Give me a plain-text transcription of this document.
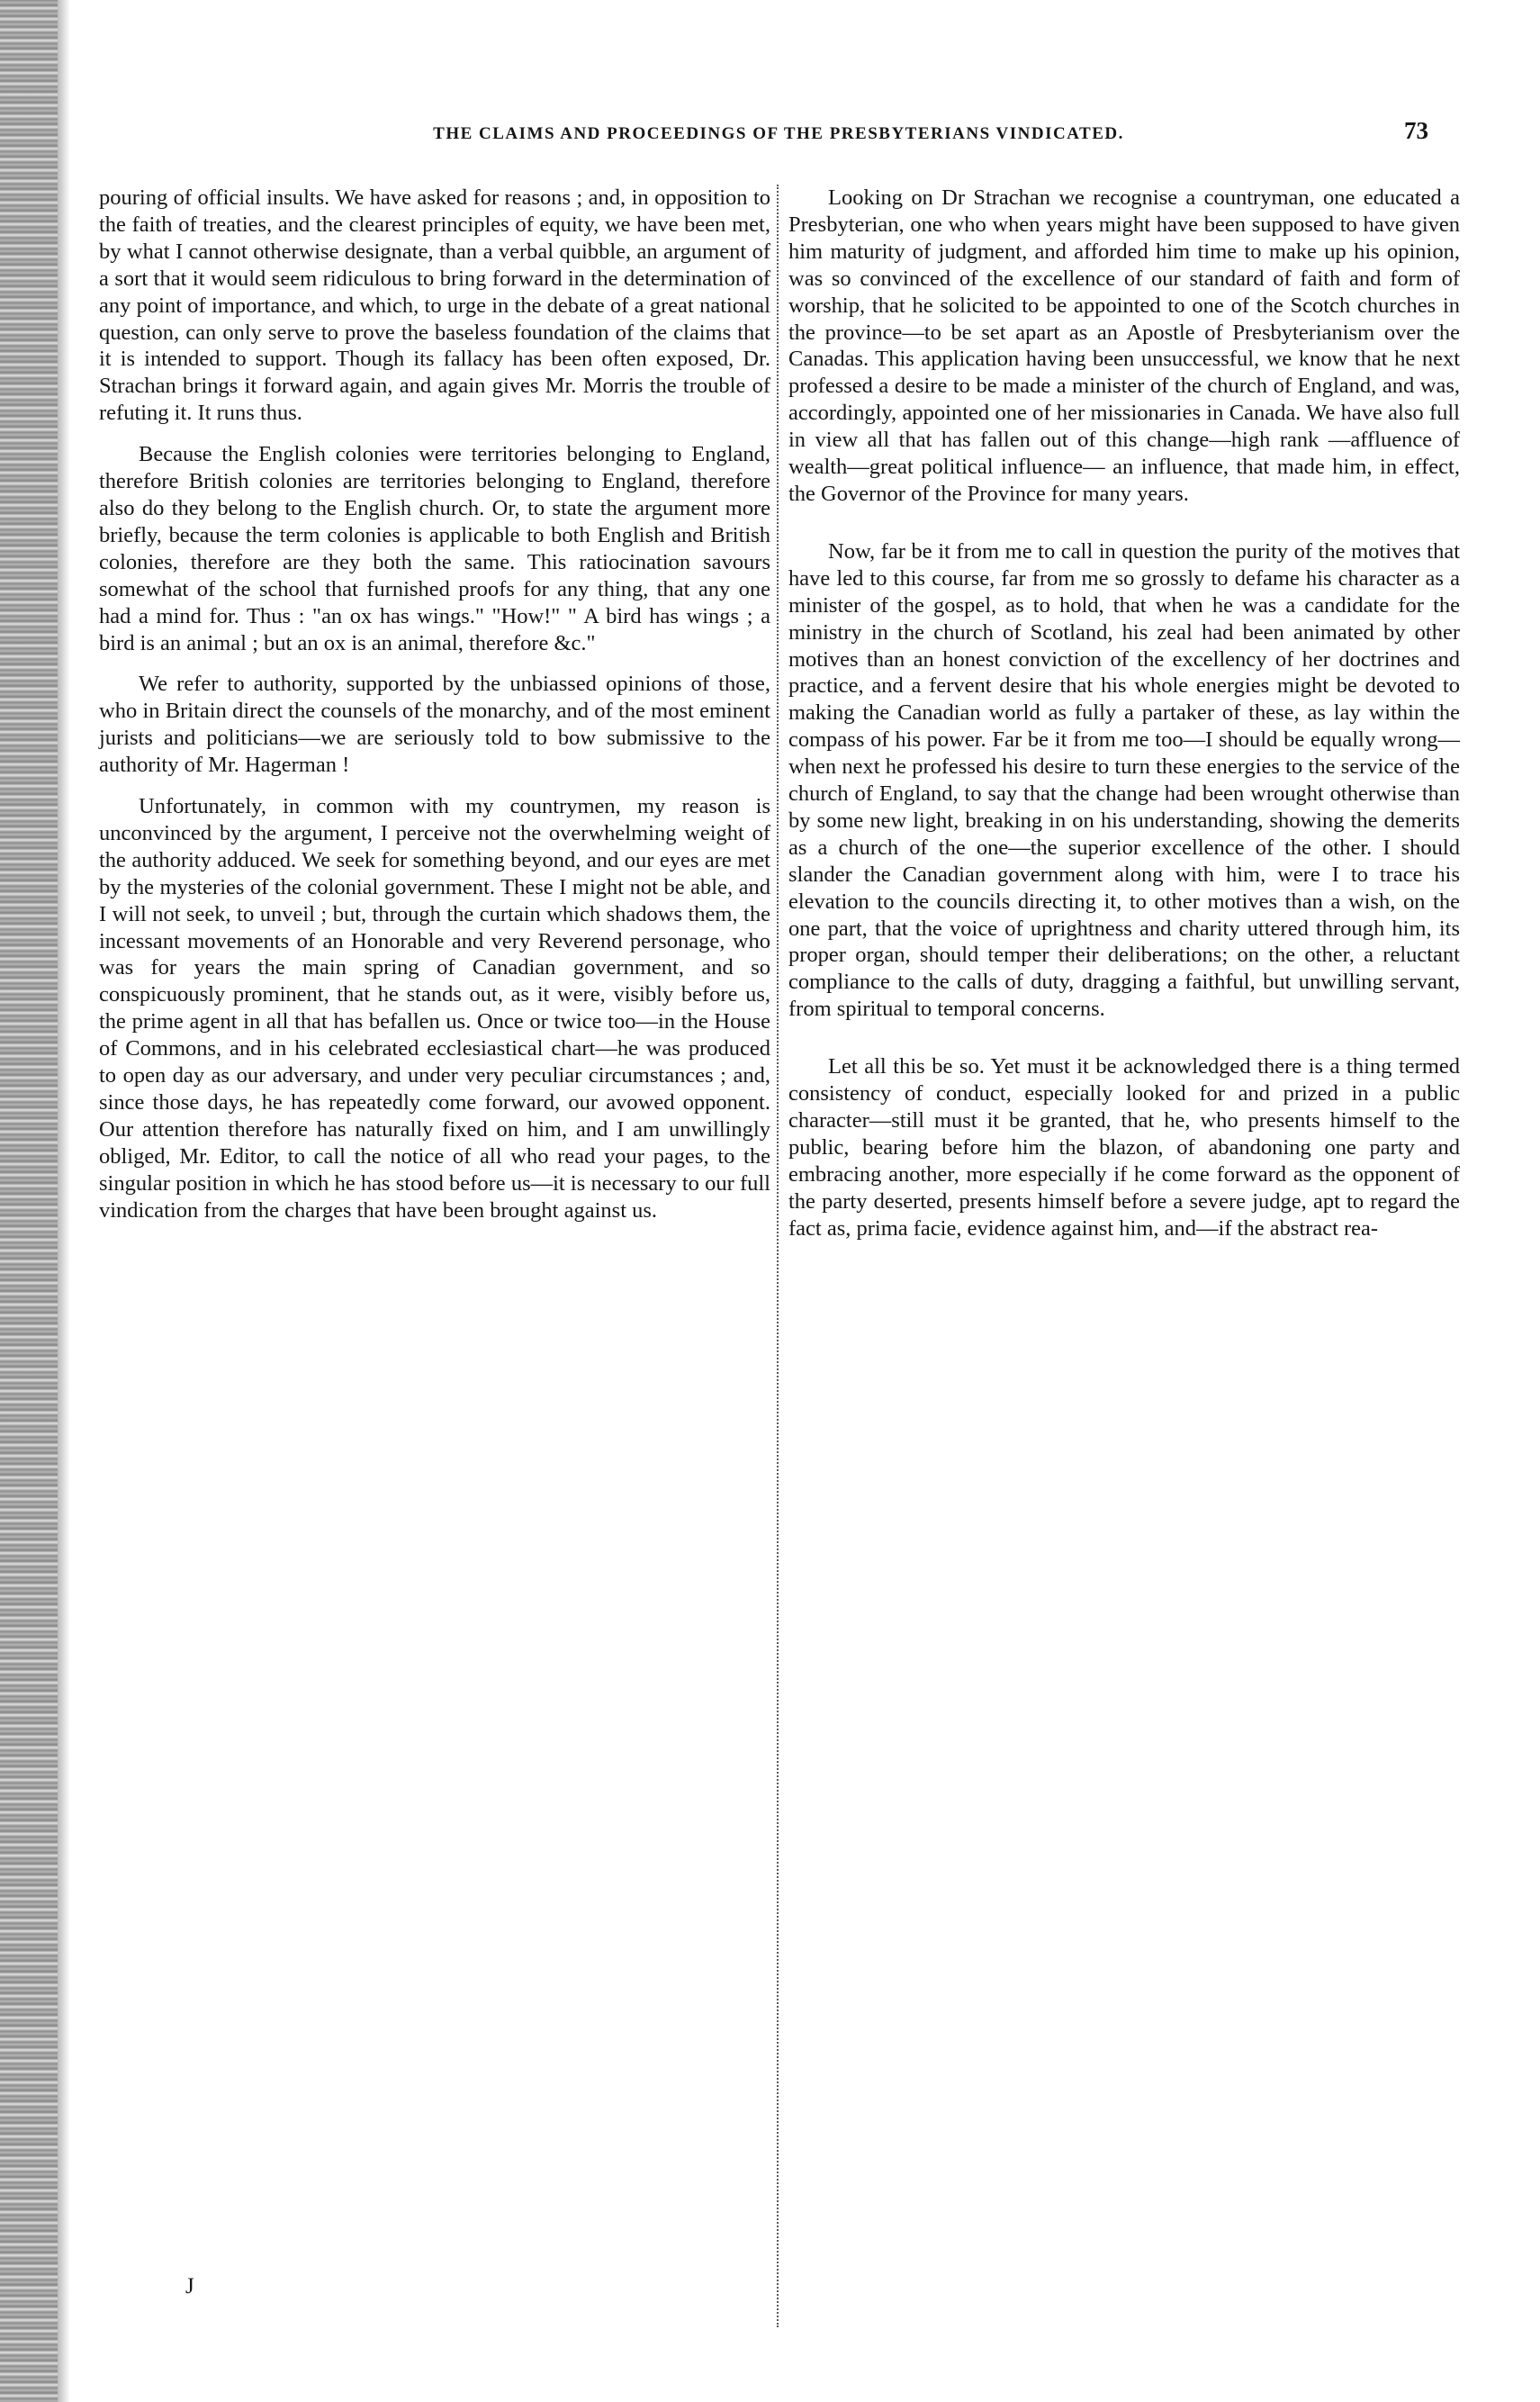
THE CLAIMS AND PROCEEDINGS OF THE PRESBYTERIANS VINDICATED.	73

pouring of official insults. We have asked for reasons ; and, in opposition to the faith of treaties, and the clearest principles of equity, we have been met, by what I cannot otherwise designate, than a verbal quibble, an argument of a sort that it would seem ridiculous to bring forward in the determination of any point of importance, and which, to urge in the debate of a great national question, can only serve to prove the baseless foundation of the claims that it is intended to support. Though its fallacy has been often exposed, Dr. Strachan brings it forward again, and again gives Mr. Morris the trouble of refuting it. It runs thus.

Because the English colonies were territories belonging to England, therefore British colonies are territories belonging to England, therefore also do they belong to the English church. Or, to state the argument more briefly, because the term colonies is applicable to both English and British colonies, therefore are they both the same. This ratiocination savours somewhat of the school that furnished proofs for any thing, that any one had a mind for. Thus : "an ox has wings." "How!" " A bird has wings ; a bird is an animal ; but an ox is an animal, therefore &c."

We refer to authority, supported by the unbiassed opinions of those, who in Britain direct the counsels of the monarchy, and of the most eminent jurists and politicians—we are seriously told to bow submissive to the authority of Mr. Hagerman !

Unfortunately, in common with my countrymen, my reason is unconvinced by the argument, I perceive not the overwhelming weight of the authority adduced. We seek for something beyond, and our eyes are met by the mysteries of the colonial government. These I might not be able, and I will not seek, to unveil ; but, through the curtain which shadows them, the incessant movements of an Honorable and very Reverend personage, who was for years the main spring of Canadian government, and so conspicuously prominent, that he stands out, as it were, visibly before us, the prime agent in all that has befallen us. Once or twice too—in the House of Commons, and in his celebrated ecclesiastical chart—he was produced to open day as our adversary, and under very peculiar circumstances ; and, since those days, he has repeatedly come forward, our avowed opponent. Our attention therefore has naturally fixed on him, and I am unwillingly obliged, Mr. Editor, to call the notice of all who read your pages, to the singular position in which he has stood before us—it is necessary to our full vindication from the charges that have been brought against us.

Looking on Dr Strachan we recognise a countryman, one educated a Presbyterian, one who when years might have been supposed to have given him maturity of judgment, and afforded him time to make up his opinion, was so convinced of the excellence of our standard of faith and form of worship, that he solicited to be appointed to one of the Scotch churches in the province—to be set apart as an Apostle of Presbyterianism over the Canadas. This application having been unsuccessful, we know that he next professed a desire to be made a minister of the church of England, and was, accordingly, appointed one of her missionaries in Canada. We have also full in view all that has fallen out of this change—high rank —affluence of wealth—great political influence— an influence, that made him, in effect, the Governor of the Province for many years.

Now, far be it from me to call in question the purity of the motives that have led to this course, far from me so grossly to defame his character as a minister of the gospel, as to hold, that when he was a candidate for the ministry in the church of Scotland, his zeal had been animated by other motives than an honest conviction of the excellency of her doctrines and practice, and a fervent desire that his whole energies might be devoted to making the Canadian world as fully a partaker of these, as lay within the compass of his power. Far be it from me too—I should be equally wrong—when next he professed his desire to turn these energies to the service of the church of England, to say that the change had been wrought otherwise than by some new light, breaking in on his understanding, showing the demerits as a church of the one—the superior excellence of the other. I should slander the Canadian government along with him, were I to trace his elevation to the councils directing it, to other motives than a wish, on the one part, that the voice of uprightness and charity uttered through him, its proper organ, should temper their deliberations; on the other, a reluctant compliance to the calls of duty, dragging a faithful, but unwilling servant, from spiritual to temporal concerns.

Let all this be so. Yet must it be acknowledged there is a thing termed consistency of conduct, especially looked for and prized in a public character—still must it be granted, that he, who presents himself to the public, bearing before him the blazon, of abandoning one party and embracing another, more especially if he come forward as the opponent of the party deserted, presents himself before a severe judge, apt to regard the fact as, prima facie, evidence against him, and—if the abstract rea-

J
